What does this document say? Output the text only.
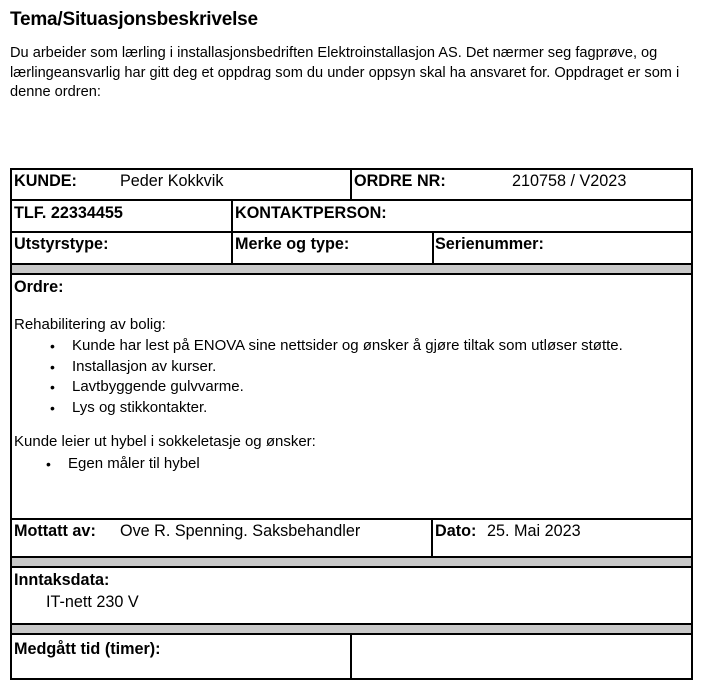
Tema/Situasjonsbeskrivelse
Du arbeider som lærling i installasjonsbedriften Elektroinstallasjon AS. Det nærmer seg fagprøve, og lærlingeansvarlig har gitt deg et oppdrag som du under oppsyn skal ha ansvaret for. Oppdraget er som i denne ordren:
KUNDE:	Peder Kokkvik	ORDRE NR:	210758 / V2023
TLF. 22334455	KONTAKTPERSON:
Utstyrstype:	Merke og type:	Serienummer:
Ordre:
Rehabilitering av bolig:
• Kunde har lest på ENOVA sine nettsider og ønsker å gjøre tiltak som utløser støtte.
• Installasjon av kurser.
• Lavtbyggende gulvvarme.
• Lys og stikkontakter.
Kunde leier ut hybel i sokkeletasje og ønsker:
• Egen måler til hybel
Mottatt av: Ove R. Spenning. Saksbehandler	Dato: 25. Mai 2023
Inntaksdata:
IT-nett 230 V
Medgått tid (timer):
